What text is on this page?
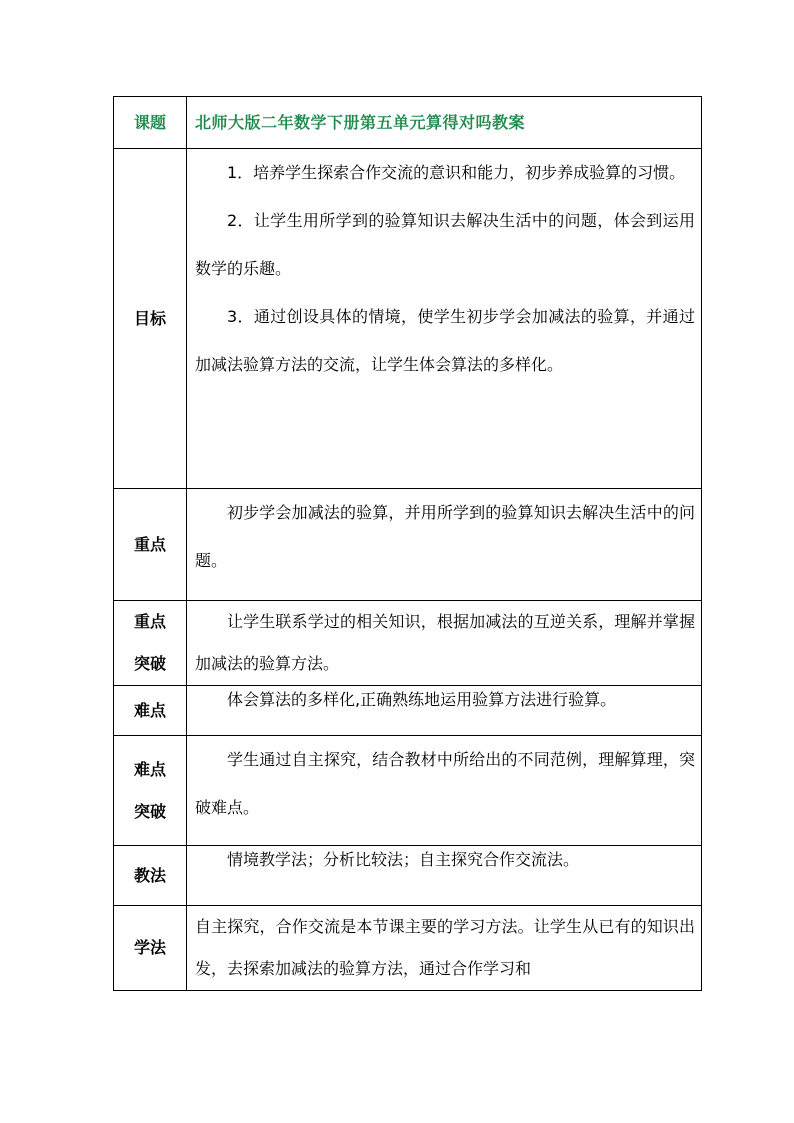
课题	北师大版二年数学下册第五单元算得对吗教案
目标	1．培养学生探索合作交流的意识和能力，初步养成验算的习惯。

2．让学生用所学到的验算知识去解决生活中的问题，体会到运用数学的乐趣。

3．通过创设具体的情境，使学生初步学会加减法的验算，并通过加减法验算方法的交流，让学生体会算法的多样化。

重点	初步学会加减法的验算，并用所学到的验算知识去解决生活中的问题。

重点
突破	让学生联系学过的相关知识，根据加减法的互逆关系，理解并掌握加减法的验算方法。

难点	体会算法的多样化,正确熟练地运用验算方法进行验算。

难点
突破	学生通过自主探究，结合教材中所给出的不同范例，理解算理，突破难点。

教法	情境教学法；分析比较法；自主探究合作交流法。

学法	自主探究，合作交流是本节课主要的学习方法。让学生从已有的知识出发，去探索加减法的验算方法，通过合作学习和
